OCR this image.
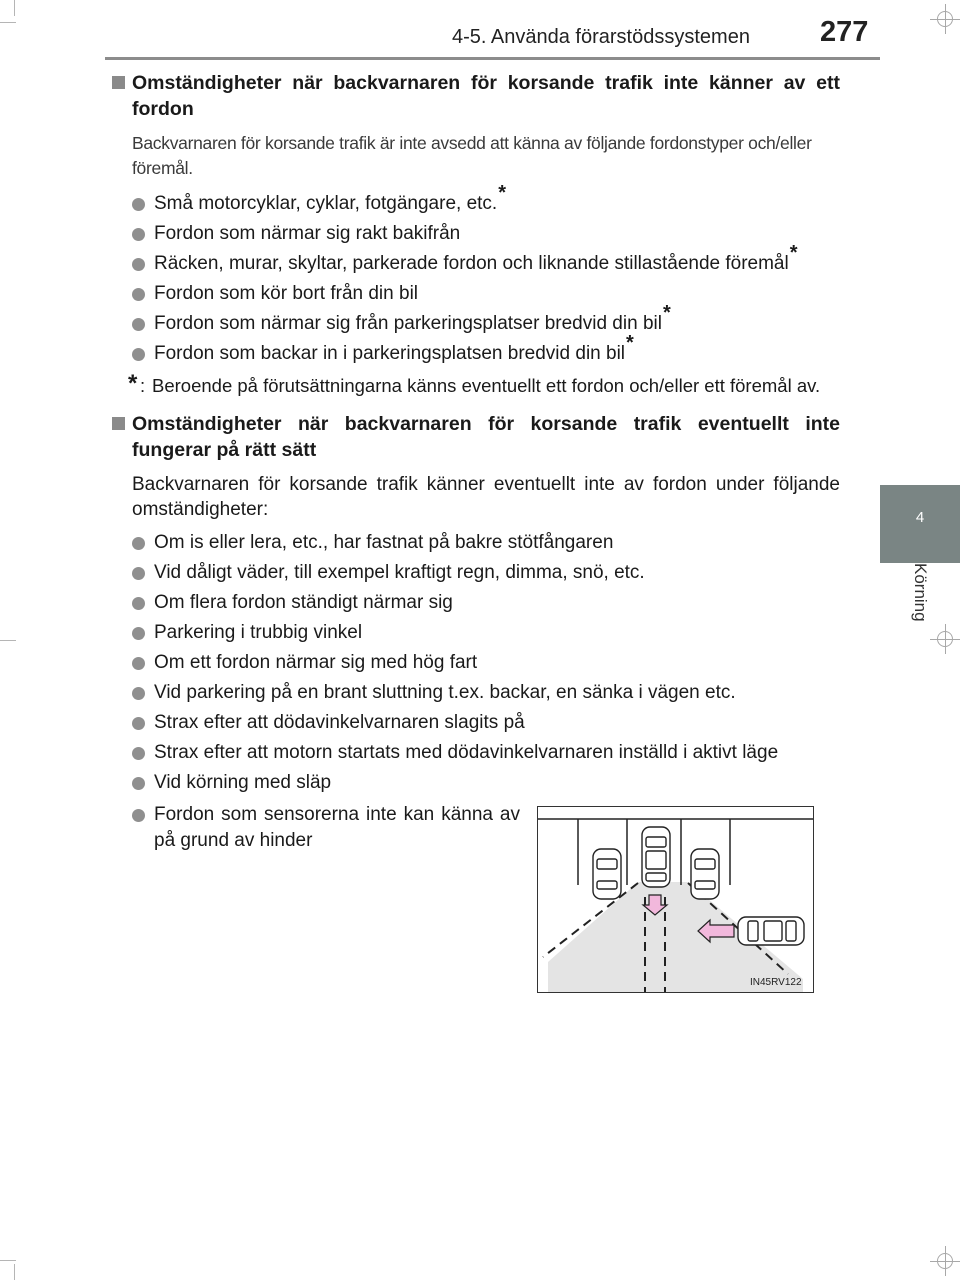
4-5. Använda förarstödssystemen 277
4
Körning
Omständigheter när backvarnaren för korsande trafik inte känner av ett fordon
Backvarnaren för korsande trafik är inte avsedd att känna av följande fordonstyper och/eller föremål.
Små motorcyklar, cyklar, fotgängare, etc.*
Fordon som närmar sig rakt bakifrån
Räcken, murar, skyltar, parkerade fordon och liknande stillastående föremål*
Fordon som kör bort från din bil
Fordon som närmar sig från parkeringsplatser bredvid din bil*
Fordon som backar in i parkeringsplatsen bredvid din bil*
* : Beroende på förutsättningarna känns eventuellt ett fordon och/eller ett föremål av.
Omständigheter när backvarnaren för korsande trafik eventuellt inte fungerar på rätt sätt
Backvarnaren för korsande trafik känner eventuellt inte av fordon under följande omständigheter:
Om is eller lera, etc., har fastnat på bakre stötfångaren
Vid dåligt väder, till exempel kraftigt regn, dimma, snö, etc.
Om flera fordon ständigt närmar sig
Parkering i trubbig vinkel
Om ett fordon närmar sig med hög fart
Vid parkering på en brant sluttning t.ex. backar, en sänka i vägen etc.
Strax efter att dödavinkelvarnaren slagits på
Strax efter att motorn startats med dödavinkelvarnaren inställd i aktivt läge
Vid körning med släp
Fordon som sensorerna inte kan känna av på grund av hinder
IN45RV122
